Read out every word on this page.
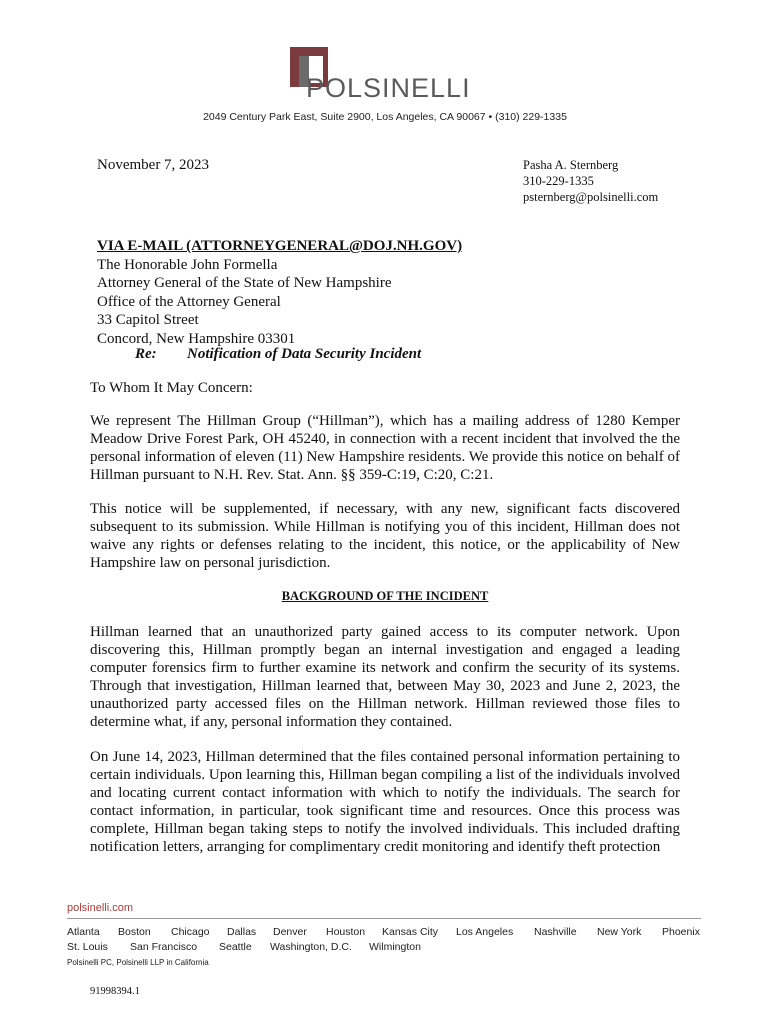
POLSINELLI
2049 Century Park East, Suite 2900, Los Angeles, CA 90067 • (310) 229-1335
November 7, 2023	Pasha A. Sternberg
310-229-1335
psternberg@polsinelli.com
VIA E-MAIL (ATTORNEYGENERAL@DOJ.NH.GOV)
The Honorable John Formella
Attorney General of the State of New Hampshire
Office of the Attorney General
33 Capitol Street
Concord, New Hampshire 03301
Re: Notification of Data Security Incident
To Whom It May Concern:
We represent The Hillman Group (“Hillman”), which has a mailing address of 1280 Kemper Meadow Drive Forest Park, OH 45240, in connection with a recent incident that involved the the personal information of eleven (11) New Hampshire residents. We provide this notice on behalf of Hillman pursuant to N.H. Rev. Stat. Ann. §§ 359-C:19, C:20, C:21.
This notice will be supplemented, if necessary, with any new, significant facts discovered subsequent to its submission. While Hillman is notifying you of this incident, Hillman does not waive any rights or defenses relating to the incident, this notice, or the applicability of New Hampshire law on personal jurisdiction.
BACKGROUND OF THE INCIDENT
Hillman learned that an unauthorized party gained access to its computer network. Upon discovering this, Hillman promptly began an internal investigation and engaged a leading computer forensics firm to further examine its network and confirm the security of its systems. Through that investigation, Hillman learned that, between May 30, 2023 and June 2, 2023, the unauthorized party accessed files on the Hillman network. Hillman reviewed those files to determine what, if any, personal information they contained.
On June 14, 2023, Hillman determined that the files contained personal information pertaining to certain individuals. Upon learning this, Hillman began compiling a list of the individuals involved and locating current contact information with which to notify the individuals. The search for contact information, in particular, took significant time and resources. Once this process was complete, Hillman began taking steps to notify the involved individuals. This included drafting notification letters, arranging for complimentary credit monitoring and identify theft protection
polsinelli.com
Atlanta Boston Chicago Dallas Denver Houston Kansas City Los Angeles Nashville New York Phoenix
St. Louis San Francisco Seattle Washington, D.C. Wilmington
Polsinelli PC, Polsinelli LLP in California
91998394.1
